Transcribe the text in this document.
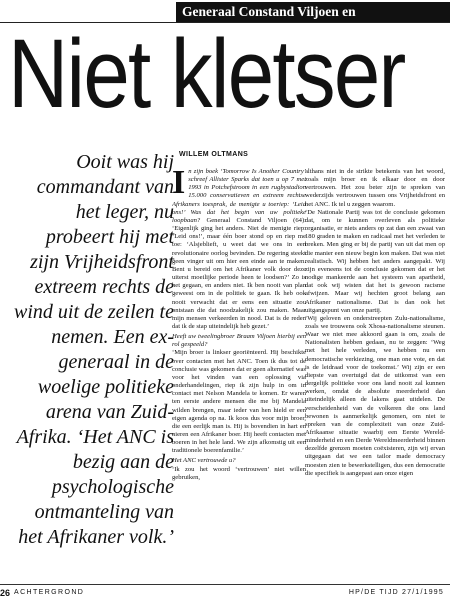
Generaal Constand Viljoen en
Niet kletser
Ooit was hij commandant van het leger, nu probeert hij met zijn Vrijheidsfront extreem rechts de wind uit de zeilen te nemen. Een ex-generaal in de woelige politieke arena van Zuid-Afrika. ‘Het ANC is bezig aan de psychologische ontmanteling van het Afrikaner volk.’
WILLEM OLTMANS

In zijn boek ‘Tomorrow Is Another Country’ schreef Allister Sparks dat toen u op 7 mei 1993 in Potchefstroom in een rugbystadion 15.000 conservatieven en extreem rechtse Afrikaners toesprak, de menigte u toeriep: ‘Leid ons!’ Was dat het begin van uw politieke loopbaan? Generaal Constand Viljoen (64): ‘Eigenlijk ging het anders. Niet de menigte riep: ‘Leid ons!’, maar één boer stond op en riep me toe: ‘Alsjeblieft, u weet dat we ons in een revolutionaire oorlog bevinden. De regering steekt geen vinger uit om hier een einde aan te maken. Bent u bereid om het Afrikaner volk door deze uiterst moeilijke periode heen te loodsen?’ Zo is het gegaan, en anders niet. Ik ben nooit van plan geweest om in de politiek te gaan. Ik heb ook nooit verwacht dat er eens een situatie zou ontstaan die dat noodzakelijk zou maken. Maar mijn mensen verkeerden in nood. Dat is de reden dat ik de stap uiteindelijk heb gezet.’

Heeft uw tweelingbroer Braam Viljoen hierbij een rol gespeeld?

‘Mijn broer is linkser georiënteerd. Hij beschikte over contacten met het ANC. Toen ik dus tot de conclusie was gekomen dat er geen alternatief was voor het vinden van een oplossing via onderhandelingen, riep ik zijn hulp in om in contact met Nelson Mandela te komen. Er waren ten eerste andere mensen die me bij Mandela wilden brengen, maar ieder van hen hield er een eigen agenda op na. Ik koos dus voor mijn broer, die een eerlijk man is. Hij is bovendien in hart en nieren een Afrikaner boer. Hij heeft contacten met boeren in het hele land. We zijn afkomstig uit een traditionele boerenfamilie.’

Het ANC vertrouwde u?

‘Ik zou het woord ‘vertrouwen’ niet willen gebruiken,

althans niet in de strikte betekenis van het woord, zoals mijn broer en ik elkaar door en door vertrouwen. Het zou beter zijn te spreken van wederzijds vertrouwen tussen ons Vrijheidsfront en het ANC. Ik tel u zeggen waarom.

‘De Nationale Partij was tot de conclusie gekomen dat, om te kunnen overleven als politieke organisatie, er niets anders op zat dan een zwaai van 180 graden te maken en radicaal met het verleden te breken. Men ging er bij de partij van uit dat men op die manier een nieuw begin kon maken. Dat was niet realistisch. Wij hebben het anders aangepakt. Wij zijn eveneens tot de conclusie gekomen dat er het nodige mankeerde aan het systeem van apartheid, dat ook wij wisten dat het is gewoon racisme afwijzen. Maar wij hechten groot belang aan Afrikaner nationalisme. Dat is dan ook het uitgangspunt van onze partij.

‘Wij geloven en onderstreepten Zulu-nationalisme, zoals we trouwens ook Xhosa-nationalisme steunen. Waar we niet mee akkoord gaan is om, zoals de Nationalisten hebben gedaan, nu te zeggen: ‘Weg met het hele verleden, we hebben nu een democratische verkiezing, one man one vote, en dat is de leidraad voor de toekomst.’ Wij zijn er een diepste van overtuigd dat de uitkomst van een dergelijk politieke voor ons land nooit zal kunnen werken, omdat de absolute meerderheid dan uiteindelijk alleen de lakens gaat uitdelen. De verscheidenheid van de volkeren die ons land bewonen is aanmerkelijk genomen, om niet te spreken van de complexiteit van onze Zuid-Afrikaanse situatie waarbij een Eerste Wereld-minderheid en een Derde Wereldmeerderheid binnen dezelfde grenzen moeten coëxisteren, zijn wij ervan uitgegaan dat we een tailor made democracy moesten zien te bewerkstelligen, dus een democratie die specifiek is aangepast aan onze eigen

26 ACHTERGROND	HP/DE TIJD 27/1/1995
